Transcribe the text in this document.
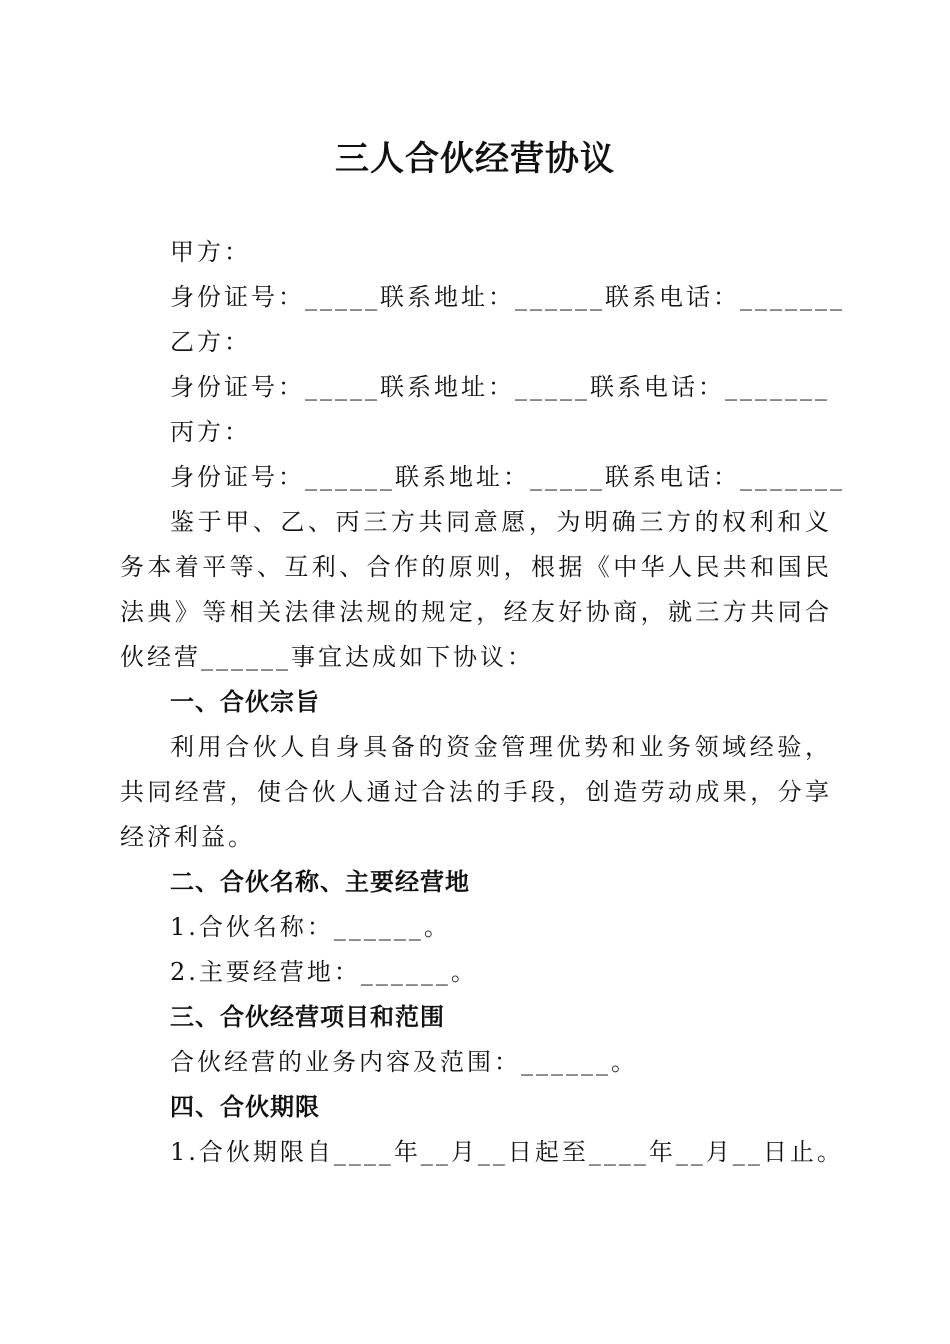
三人合伙经营协议

甲方：

身份证号：_____联系地址：______联系电话：_______

乙方：

身份证号：_____联系地址：_____联系电话：_______

丙方：

身份证号：______联系地址：_____联系电话：_______

鉴于甲、乙、丙三方共同意愿，为明确三方的权利和义务本着平等、互利、合作的原则，根据《中华人民共和国民法典》等相关法律法规的规定，经友好协商，就三方共同合伙经营______事宜达成如下协议：

一、合伙宗旨

利用合伙人自身具备的资金管理优势和业务领域经验，共同经营，使合伙人通过合法的手段，创造劳动成果，分享经济利益。

二、合伙名称、主要经营地

1.合伙名称：______。

2.主要经营地：______。

三、合伙经营项目和范围

合伙经营的业务内容及范围：______。

四、合伙期限

1.合伙期限自____年__月__日起至____年__月__日止。
